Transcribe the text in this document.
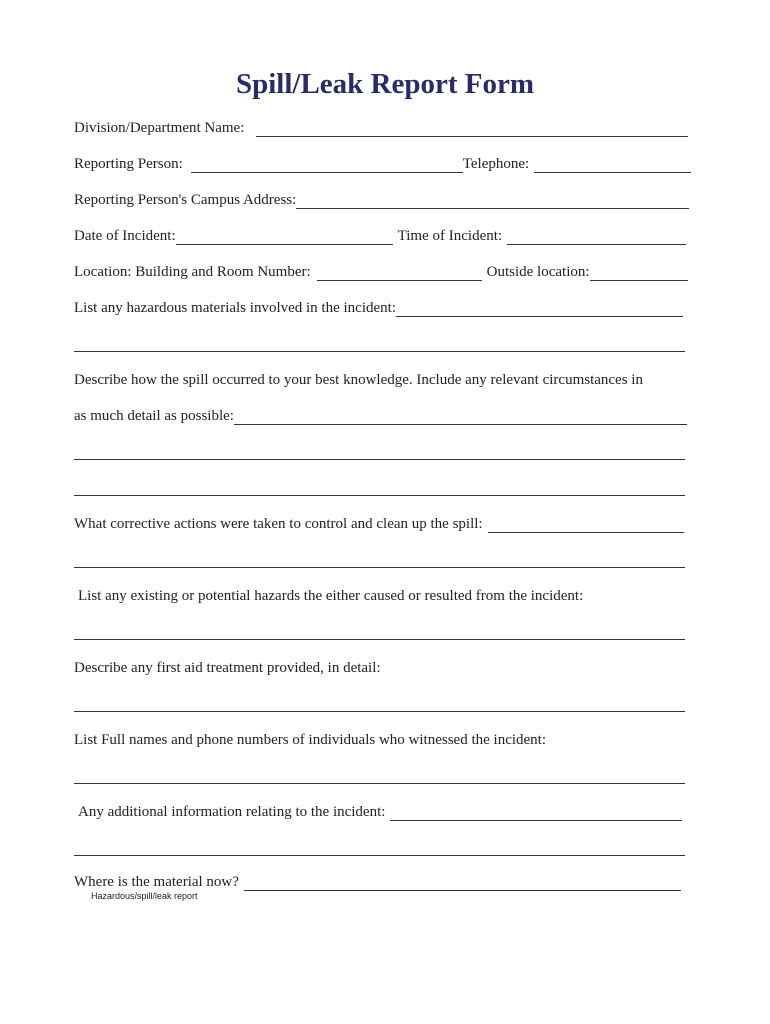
Spill/Leak Report Form
Division/Department Name:
Reporting Person:	Telephone:
Reporting Person's Campus Address:
Date of Incident:	Time of Incident:
Location: Building and Room Number:	Outside location:
List any hazardous materials involved in the incident:
Describe how the spill occurred to your best knowledge. Include any relevant circumstances in
as much detail as possible:
What corrective actions were taken to control and clean up the spill:
List any existing or potential hazards the either caused or resulted from the incident:
Describe any first aid treatment provided, in detail:
List Full names and phone numbers of individuals who witnessed the incident:
Any additional information relating to the incident:
Where is the material now?
Hazardous/spill/leak report
